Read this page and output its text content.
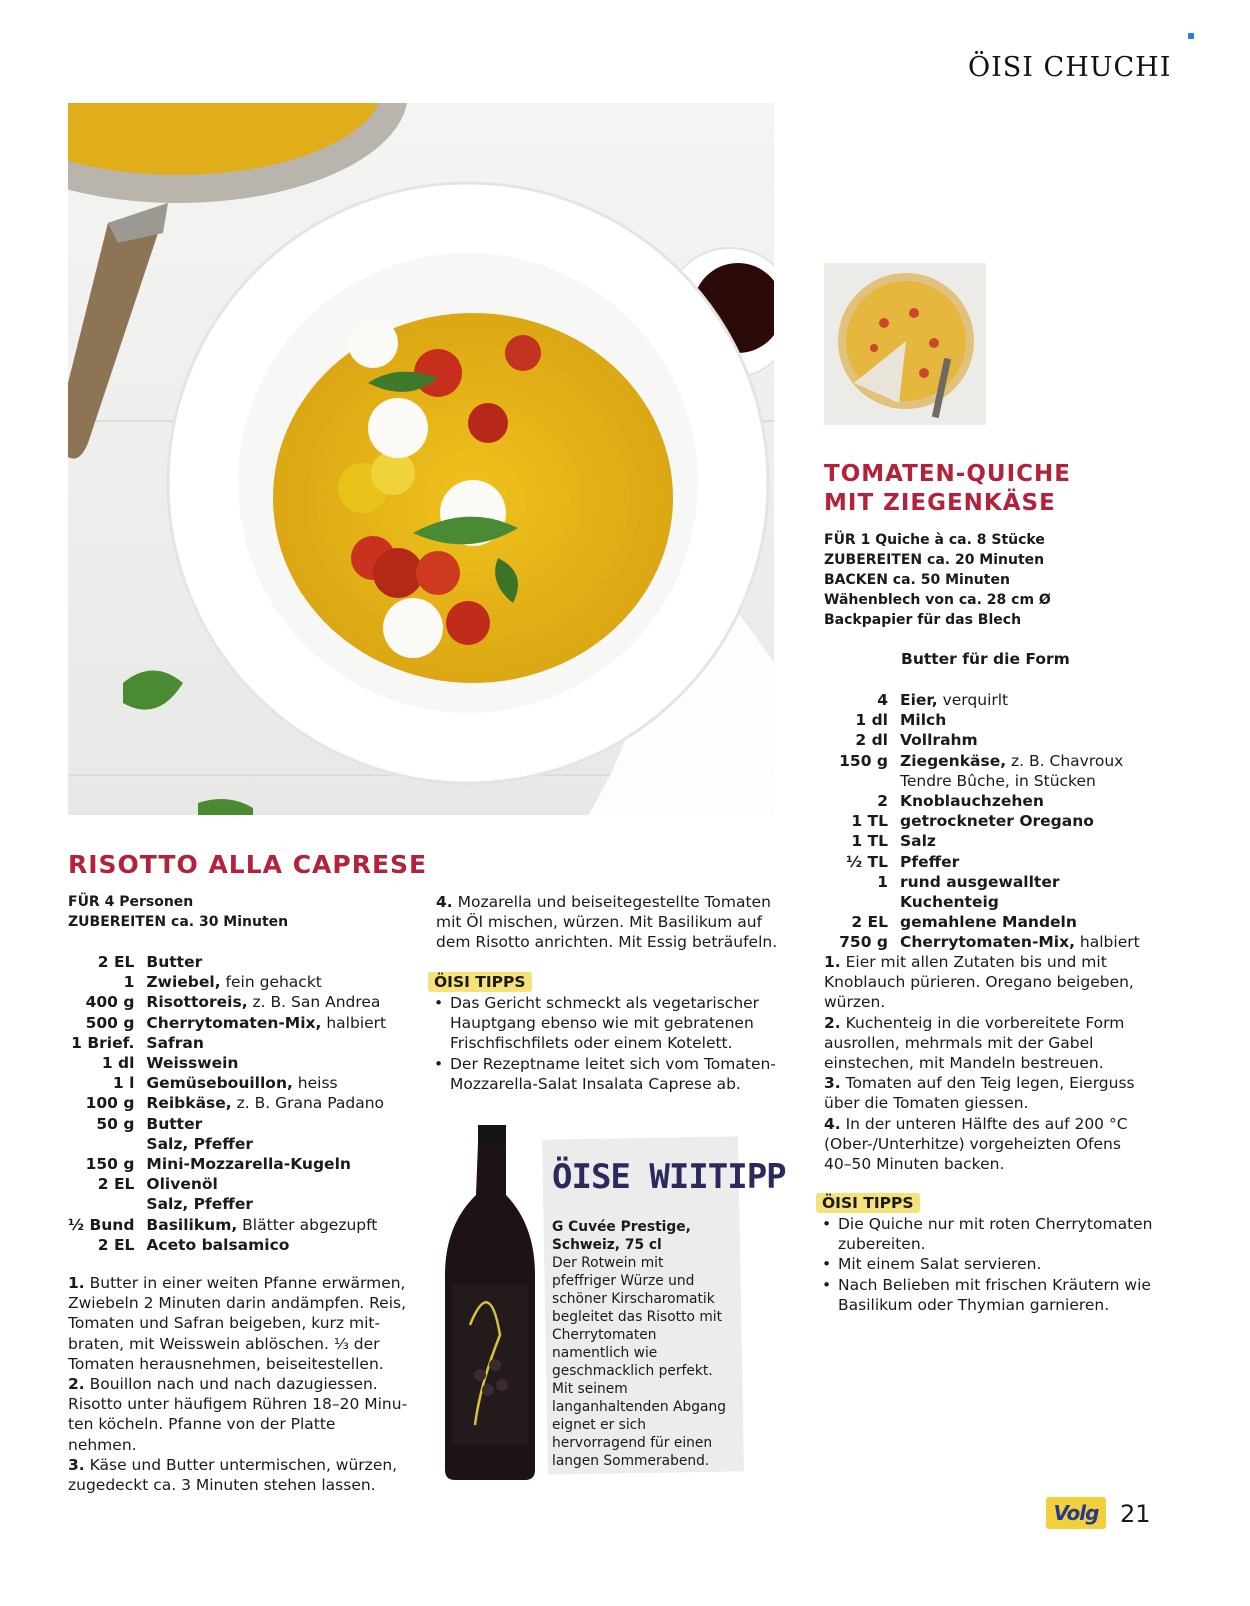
ÖISI CHUCHI
RISOTTO ALLA CAPRESE
FÜR 4 Personen
ZUBEREITEN ca. 30 Minuten
2 EL	Butter
1	Zwiebel, fein gehackt
400 g	Risottoreis, z. B. San Andrea
500 g	Cherrytomaten-Mix, halbiert
1 Brief.	Safran
1 dl	Weisswein
1 l	Gemüsebouillon, heiss
100 g	Reibkäse, z. B. Grana Padano
50 g	Butter
	Salz, Pfeffer
150 g	Mini-Mozzarella-Kugeln
2 EL	Olivenöl
	Salz, Pfeffer
½ Bund	Basilikum, Blätter abgezupft
2 EL	Aceto balsamico

1. Butter in einer weiten Pfanne erwärmen, Zwiebeln 2 Minuten darin andämpfen. Reis, Tomaten und Safran beigeben, kurz mitbraten, mit Weisswein ablöschen. ⅓ der Tomaten herausnehmen, beiseitestellen.

2. Bouillon nach und nach dazugiessen. Risotto unter häufigem Rühren 18–20 Minuten köcheln. Pfanne von der Platte nehmen.

3. Käse und Butter untermischen, würzen, zugedeckt ca. 3 Minuten stehen lassen.

4. Mozarella und beiseitegestellte Tomaten mit Öl mischen, würzen. Mit Basilikum auf dem Risotto anrichten. Mit Essig beträufeln.
ÖISI TIPPS
• Das Gericht schmeckt als vegetarischer Hauptgang ebenso wie mit gebratenen Frischfischfilets oder einem Kotelett.
• Der Rezeptname leitet sich vom Tomaten-Mozzarella-Salat Insalata Caprese ab.
ÖISE WIITIPP
G Cuvée Prestige, Schweiz, 75 cl
Der Rotwein mit pfeffriger Würze und schöner Kirscharomatik begleitet das Risotto mit Cherrytomaten namentlich wie geschmacklich perfekt. Mit seinem langanhaltenden Abgang eignet er sich hervorragend für einen langen Sommerabend.
TOMATEN-QUICHE
MIT ZIEGENKÄSE
FÜR 1 Quiche à ca. 8 Stücke
ZUBEREITEN ca. 20 Minuten
BACKEN ca. 50 Minuten
Wähenblech von ca. 28 cm Ø
Backpapier für das Blech
Butter für die Form
4	Eier, verquirlt
1 dl	Milch
2 dl	Vollrahm
150 g	Ziegenkäse, z. B. Chavroux Tendre Bûche, in Stücken
2	Knoblauchzehen
1 TL	getrockneter Oregano
1 TL	Salz
½ TL	Pfeffer
1	rund ausgewallter Kuchenteig
2 EL	gemahlene Mandeln
750 g	Cherrytomaten-Mix, halbiert

1. Eier mit allen Zutaten bis und mit Knoblauch pürieren. Oregano beigeben, würzen.

2. Kuchenteig in die vorbereitete Form ausrollen, mehrmals mit der Gabel einstechen, mit Mandeln bestreuen.

3. Tomaten auf den Teig legen, Eierguss über die Tomaten giessen.

4. In der unteren Hälfte des auf 200 °C (Ober-/Unterhitze) vorgeheizten Ofens 40–50 Minuten backen.

ÖISI TIPPS
• Die Quiche nur mit roten Cherrytomaten zubereiten.
• Mit einem Salat servieren.
• Nach Belieben mit frischen Kräutern wie Basilikum oder Thymian garnieren.
Volg 21
